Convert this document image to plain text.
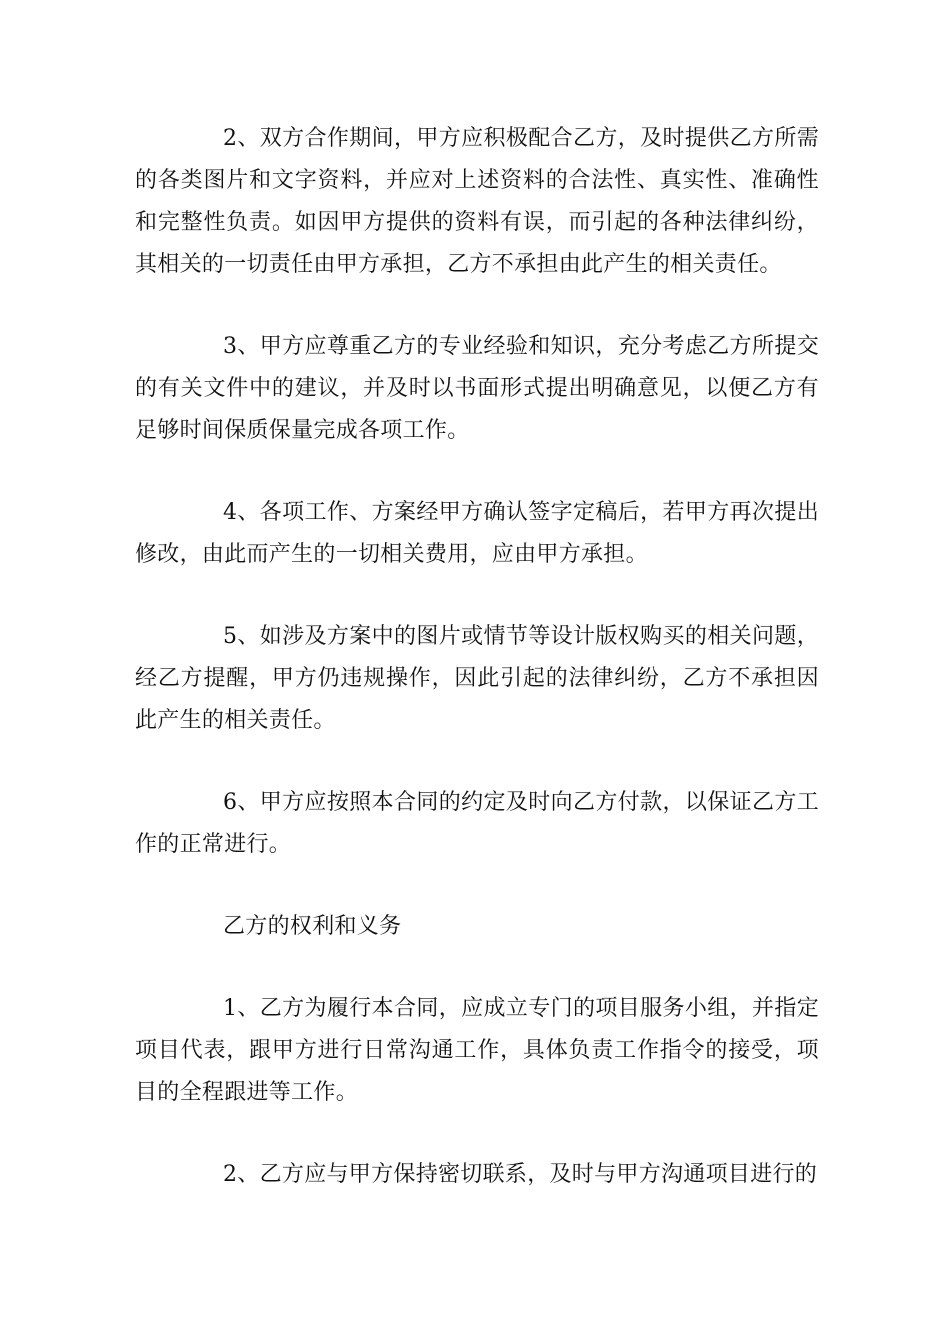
2、双方合作期间，甲方应积极配合乙方，及时提供乙方所需的各类图片和文字资料，并应对上述资料的合法性、真实性、准确性和完整性负责。如因甲方提供的资料有误，而引起的各种法律纠纷，其相关的一切责任由甲方承担，乙方不承担由此产生的相关责任。

3、甲方应尊重乙方的专业经验和知识，充分考虑乙方所提交的有关文件中的建议，并及时以书面形式提出明确意见，以便乙方有足够时间保质保量完成各项工作。

4、各项工作、方案经甲方确认签字定稿后，若甲方再次提出修改，由此而产生的一切相关费用，应由甲方承担。

5、如涉及方案中的图片或情节等设计版权购买的相关问题，经乙方提醒，甲方仍违规操作，因此引起的法律纠纷，乙方不承担因此产生的相关责任。

6、甲方应按照本合同的约定及时向乙方付款，以保证乙方工作的正常进行。

乙方的权利和义务

1、乙方为履行本合同，应成立专门的项目服务小组，并指定项目代表，跟甲方进行日常沟通工作，具体负责工作指令的接受，项目的全程跟进等工作。

2、乙方应与甲方保持密切联系，及时与甲方沟通项目进行的
